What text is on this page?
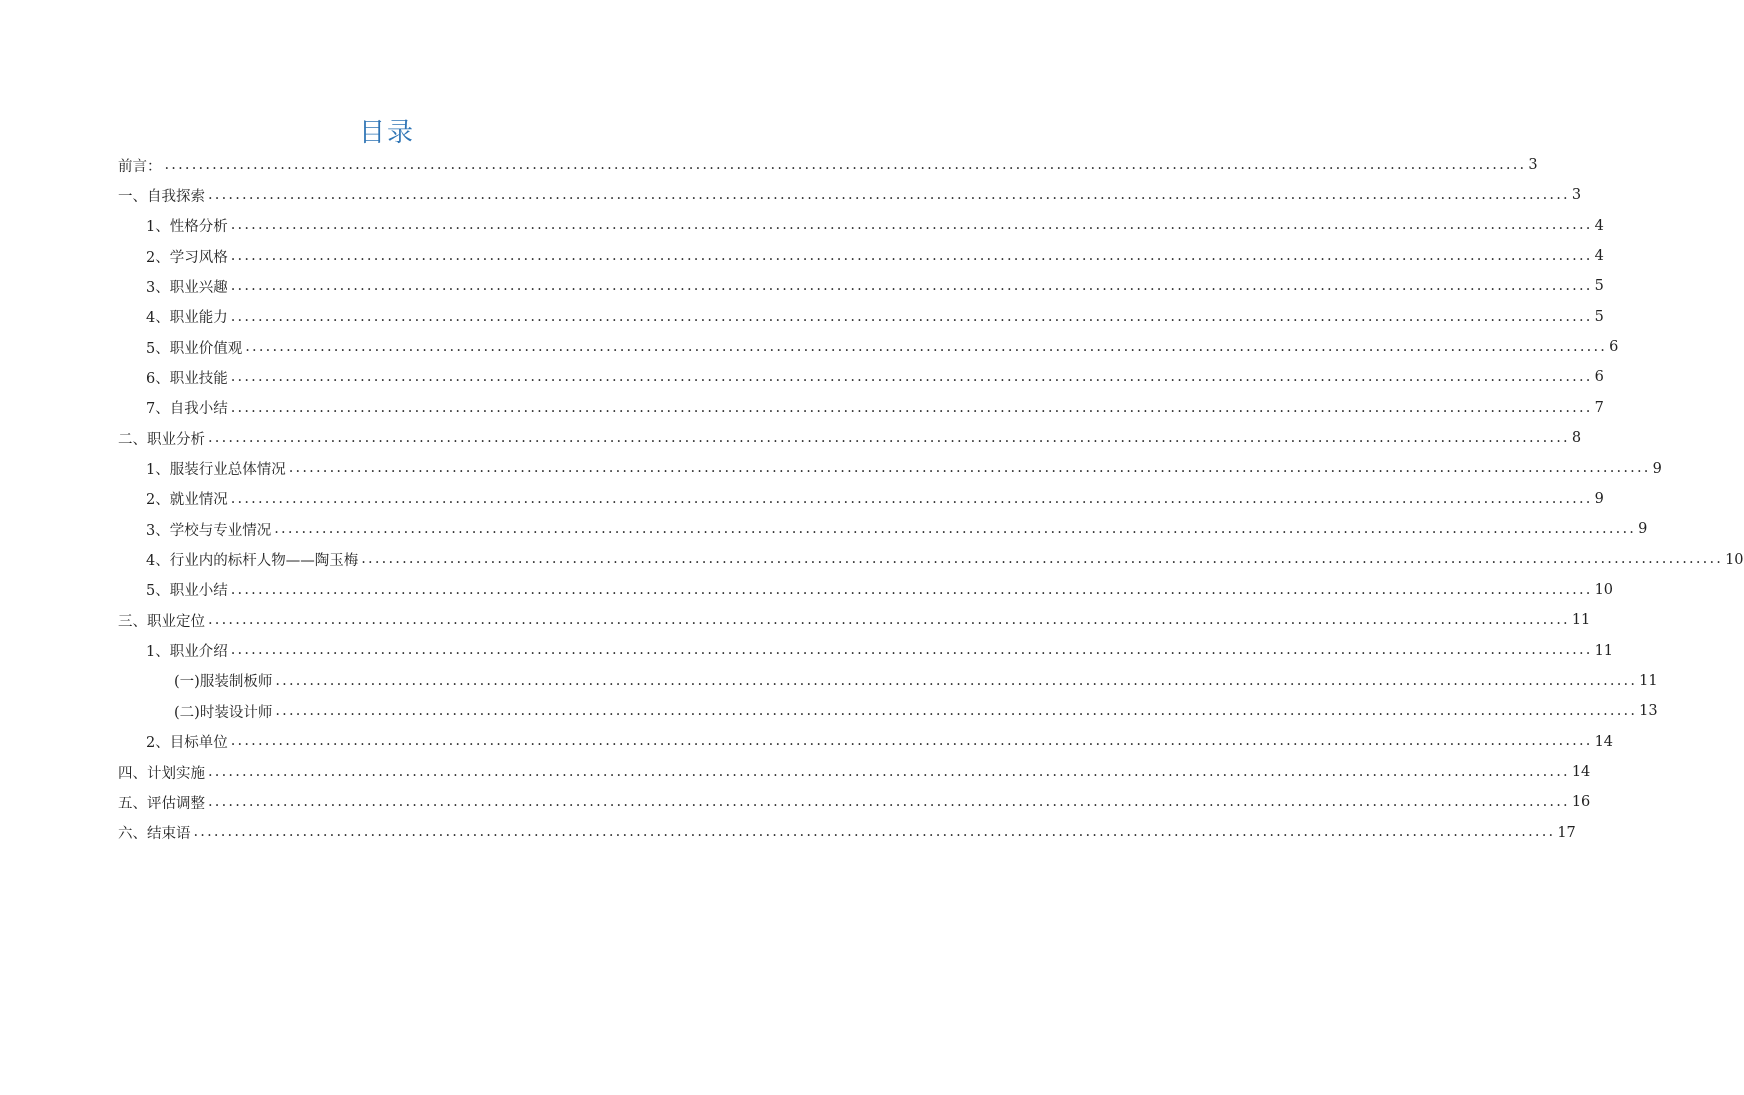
目录
前言： ........................................................................................................................................................................................................ 3
一、自我探索 ........................................................................................................................................................................................................ 3
1、性格分析 ........................................................................................................................................................................................................ 4
2、学习风格 ........................................................................................................................................................................................................ 4
3、职业兴趣 ........................................................................................................................................................................................................ 5
4、职业能力 ........................................................................................................................................................................................................ 5
5、职业价值观 ........................................................................................................................................................................................................ 6
6、职业技能 ........................................................................................................................................................................................................ 6
7、自我小结 ........................................................................................................................................................................................................ 7
二、职业分析 ........................................................................................................................................................................................................ 8
1、服装行业总体情况 ........................................................................................................................................................................................................ 9
2、就业情况 ........................................................................................................................................................................................................ 9
3、学校与专业情况 ........................................................................................................................................................................................................ 9
4、行业内的标杆人物——陶玉梅 ........................................................................................................................................................................................................ 10
5、职业小结 ........................................................................................................................................................................................................ 10
三、职业定位 ........................................................................................................................................................................................................ 11
1、职业介绍 ........................................................................................................................................................................................................ 11
(一)服装制板师 ........................................................................................................................................................................................................ 11
(二)时装设计师 ........................................................................................................................................................................................................ 13
2、目标单位 ........................................................................................................................................................................................................ 14
四、计划实施 ........................................................................................................................................................................................................ 14
五、评估调整 ........................................................................................................................................................................................................ 16
六、结束语 ........................................................................................................................................................................................................ 17
